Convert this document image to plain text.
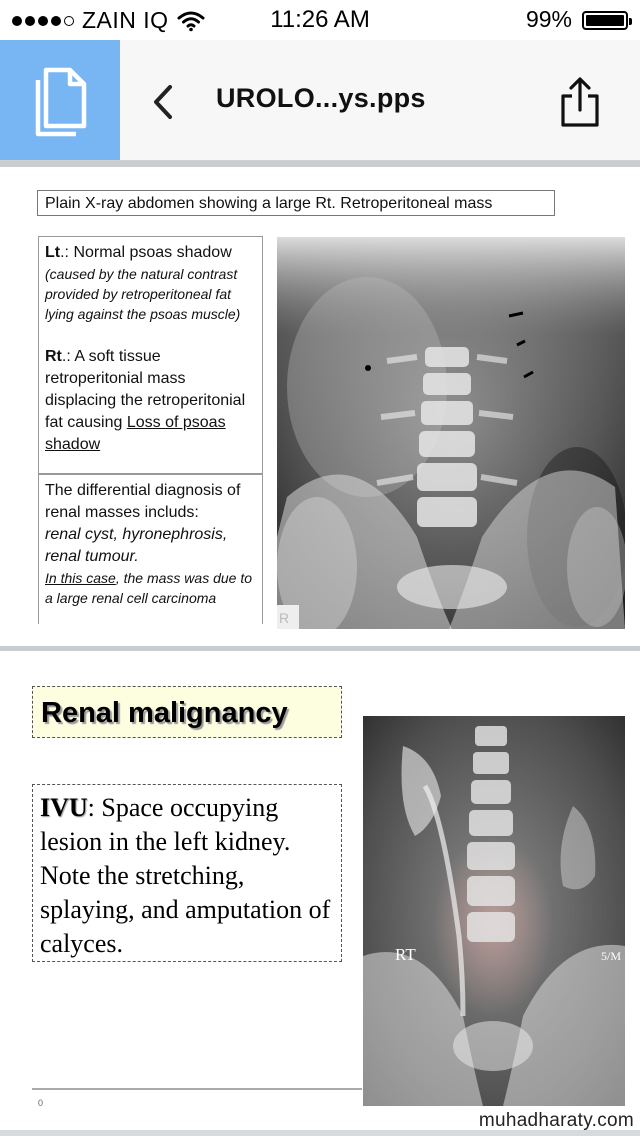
ZAIN IQ	11:26 AM	99%
UROLO...ys.pps
Plain X-ray abdomen showing a large Rt. Retroperitoneal mass
Lt.: Normal psoas shadow
(caused by the natural contrast provided by retroperitoneal fat lying against the psoas muscle)
Rt.: A soft tissue retroperitonial mass displacing the retroperitonial fat causing Loss of psoas shadow
The differential diagnosis of renal masses includs:
renal cyst, hyronephrosis, renal tumour.
In this case, the mass was due to a large renal cell carcinoma
R
Renal malignancy
IVU: Space occupying lesion in the left kidney. Note the stretching, splaying, and amputation of calyces.	RT	5/M
0
muhadharaty.com
